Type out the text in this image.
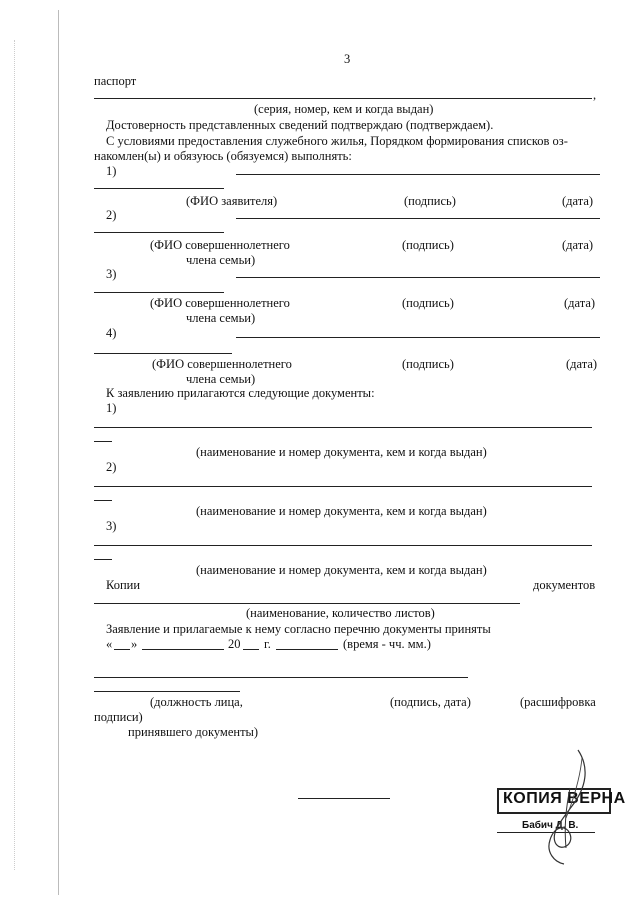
3
паспорт
,
(серия, номер, кем и когда выдан)
Достоверность представленных сведений подтверждаю (подтверждаем).
С условиями предоставления служебного жилья, Порядком формирования списков оз-
накомлен(ы) и обязуюсь (обязуемся) выполнять:
1)
(ФИО заявителя)	(подпись)	(дата)
2)
(ФИО совершеннолетнего
члена семьи)
(подпись)	(дата)
3)
(ФИО совершеннолетнего
члена семьи)
(подпись)	(дата)
4)
(ФИО совершеннолетнего
члена семьи)
(подпись)	(дата)
К заявлению прилагаются следующие документы:
1)
(наименование и номер документа, кем и когда выдан)
2)
(наименование и номер документа, кем и когда выдан)
3)
(наименование и номер документа, кем и когда выдан)
Копии	документов
(наименование, количество листов)
Заявление и прилагаемые к нему согласно перечню документы приняты
« »	20 г.	(время - чч. мм.)
(должность лица,	(подпись, дата)	(расшифровка
подписи)
принявшего документы)
КОПИЯ ВЕРНА
Бабич Д. В.
